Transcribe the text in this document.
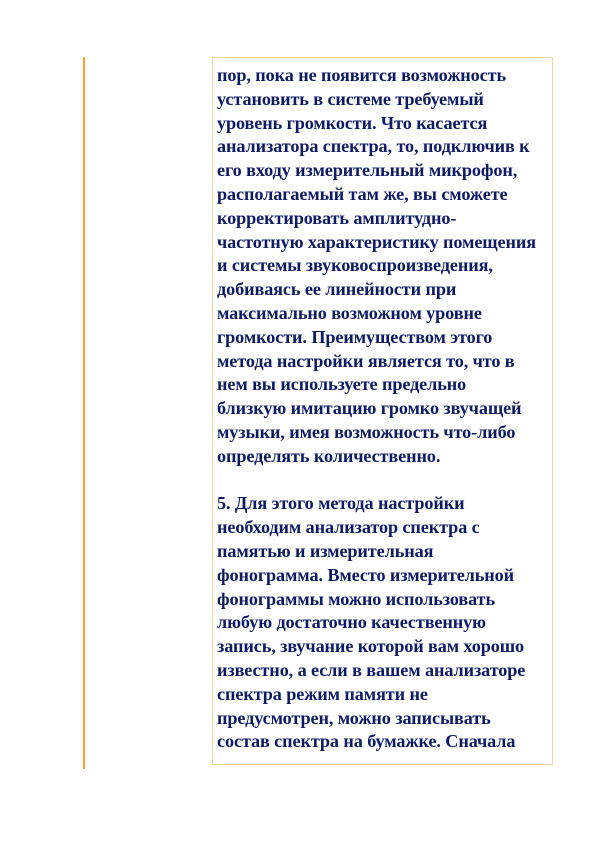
пор, пока не появится возможность
установить в системе требуемый
уровень громкости. Что касается
анализатора спектра, то, подключив к
его входу измерительный микрофон,
располагаемый там же, вы сможете
корректировать амплитудно-
частотную характеристику помещения
и системы звуковоспроизведения,
добиваясь ее линейности при
максимально возможном уровне
громкости. Преимуществом этого
метода настройки является то, что в
нем вы используете предельно
близкую имитацию громко звучащей
музыки, имея возможность что-либо
определять количественно.

5. Для этого метода настройки
необходим анализатор спектра с
памятью и измерительная
фонограмма. Вместо измерительной
фонограммы можно использовать
любую достаточно качественную
запись, звучание которой вам хорошо
известно, а если в вашем анализаторе
спектра режим памяти не
предусмотрен, можно записывать
состав спектра на бумажке. Сначала
